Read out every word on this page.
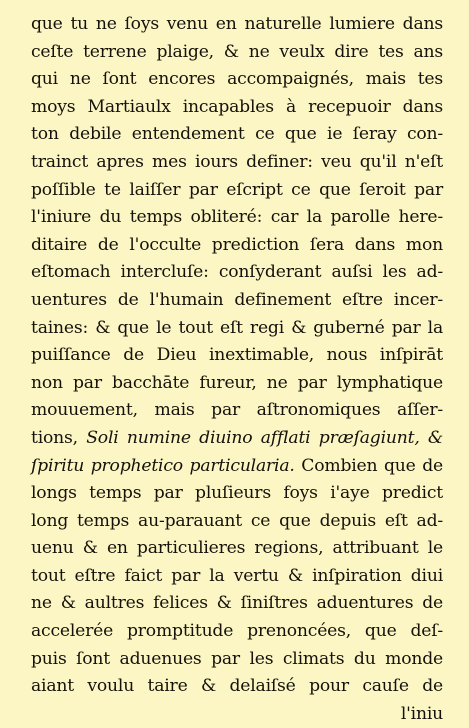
que tu ne ſoys venu en naturelle lumiere dans
ceſte terrene plaige, & ne veulx dire tes ans
qui ne ſont encores accompaignés, mais tes
moys Martiaulx incapables à recepuoir dans
ton debile entendement ce que ie ſeray con-
trainct apres mes iours definer: veu qu'il n'eſt
poſſible te laiſſer par eſcript ce que ſeroit par
l'iniure du temps obliteré: car la parolle here-
ditaire de l'occulte prediction ſera dans mon
eſtomach intercluſe: conſyderant auſsi les ad-
uentures de l'humain definement eſtre incer-
taines: & que le tout eſt regi & guberné par la
puiſſance de Dieu inextimable, nous inſpirāt
non par bacchāte fureur, ne par lymphatique
mouuement, mais par aſtronomiques aſſer-
tions, Soli numine diuino afflati præſagiunt, &
ſpiritu prophetico particularia. Combien que de
longs temps par pluſieurs foys i'aye predict
long temps au-parauant ce que depuis eſt ad-
uenu & en particulieres regions, attribuant le
tout eſtre faict par la vertu & inſpiration diui
ne & aultres felices & ſiniſtres aduentures de
accelerée promptitude prenoncées, que deſ-
puis ſont aduenues par les climats du monde
aiant voulu taire & delaiſsé pour cauſe de
l'iniu
